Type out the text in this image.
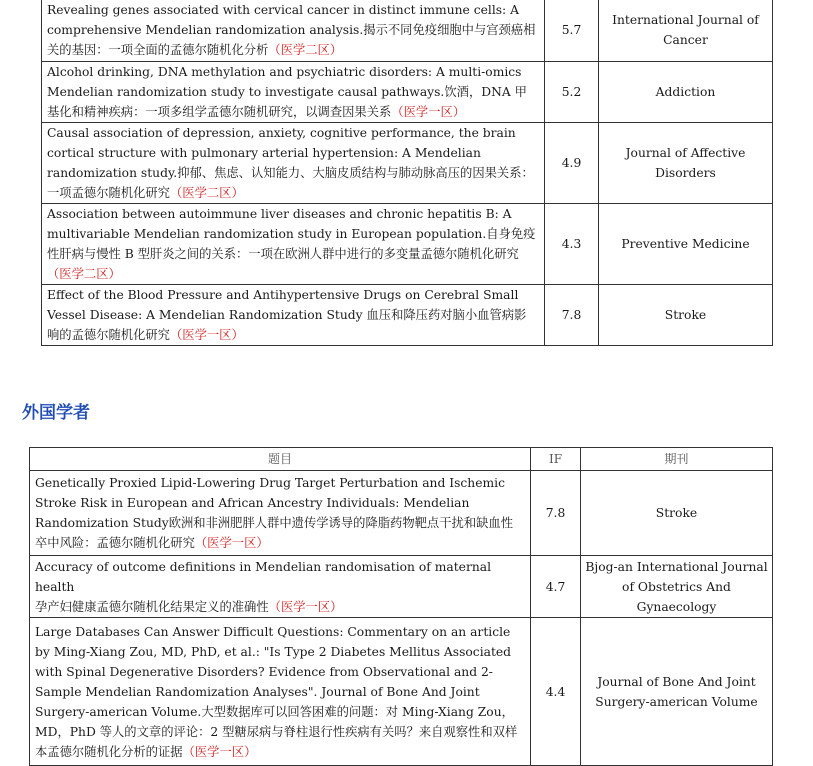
Revealing genes associated with cervical cancer in distinct immune cells: A comprehensive Mendelian randomization analysis.揭示不同免疫细胞中与宫颈癌相关的基因：一项全面的孟德尔随机化分析（医学二区）	5.7	International Journal of Cancer
Alcohol drinking, DNA methylation and psychiatric disorders: A multi-omics Mendelian randomization study to investigate causal pathways.饮酒，DNA 甲基化和精神疾病：一项多组学孟德尔随机研究，以调查因果关系（医学一区）	5.2	Addiction
Causal association of depression, anxiety, cognitive performance, the brain cortical structure with pulmonary arterial hypertension: A Mendelian randomization study.抑郁、焦虑、认知能力、大脑皮质结构与肺动脉高压的因果关系：一项孟德尔随机化研究（医学二区）	4.9	Journal of Affective Disorders
Association between autoimmune liver diseases and chronic hepatitis B: A multivariable Mendelian randomization study in European population.自身免疫性肝病与慢性 B 型肝炎之间的关系：一项在欧洲人群中进行的多变量孟德尔随机化研究（医学二区）	4.3	Preventive Medicine
Effect of the Blood Pressure and Antihypertensive Drugs on Cerebral Small Vessel Disease: A Mendelian Randomization Study 血压和降压药对脑小血管病影响的孟德尔随机化研究（医学一区）	7.8	Stroke
外国学者
题目	IF	期刊
Genetically Proxied Lipid-Lowering Drug Target Perturbation and Ischemic Stroke Risk in European and African Ancestry Individuals: Mendelian Randomization Study欧洲和非洲肥胖人群中遗传学诱导的降脂药物靶点干扰和缺血性卒中风险：孟德尔随机化研究（医学一区）	7.8	Stroke
Accuracy of outcome definitions in Mendelian randomisation of maternal health
孕产妇健康孟德尔随机化结果定义的准确性（医学一区）	4.7	Bjog-an International Journal of Obstetrics And Gynaecology
Large Databases Can Answer Difficult Questions: Commentary on an article by Ming-Xiang Zou, MD, PhD, et al.: "Is Type 2 Diabetes Mellitus Associated with Spinal Degenerative Disorders? Evidence from Observational and 2-Sample Mendelian Randomization Analyses". Journal of Bone And Joint Surgery-american Volume.大型数据库可以回答困难的问题：对 Ming-Xiang Zou，MD，PhD 等人的文章的评论：2 型糖尿病与脊柱退行性疾病有关吗？来自观察性和双样本孟德尔随机化分析的证据（医学一区）	4.4	Journal of Bone And Joint Surgery-american Volume
